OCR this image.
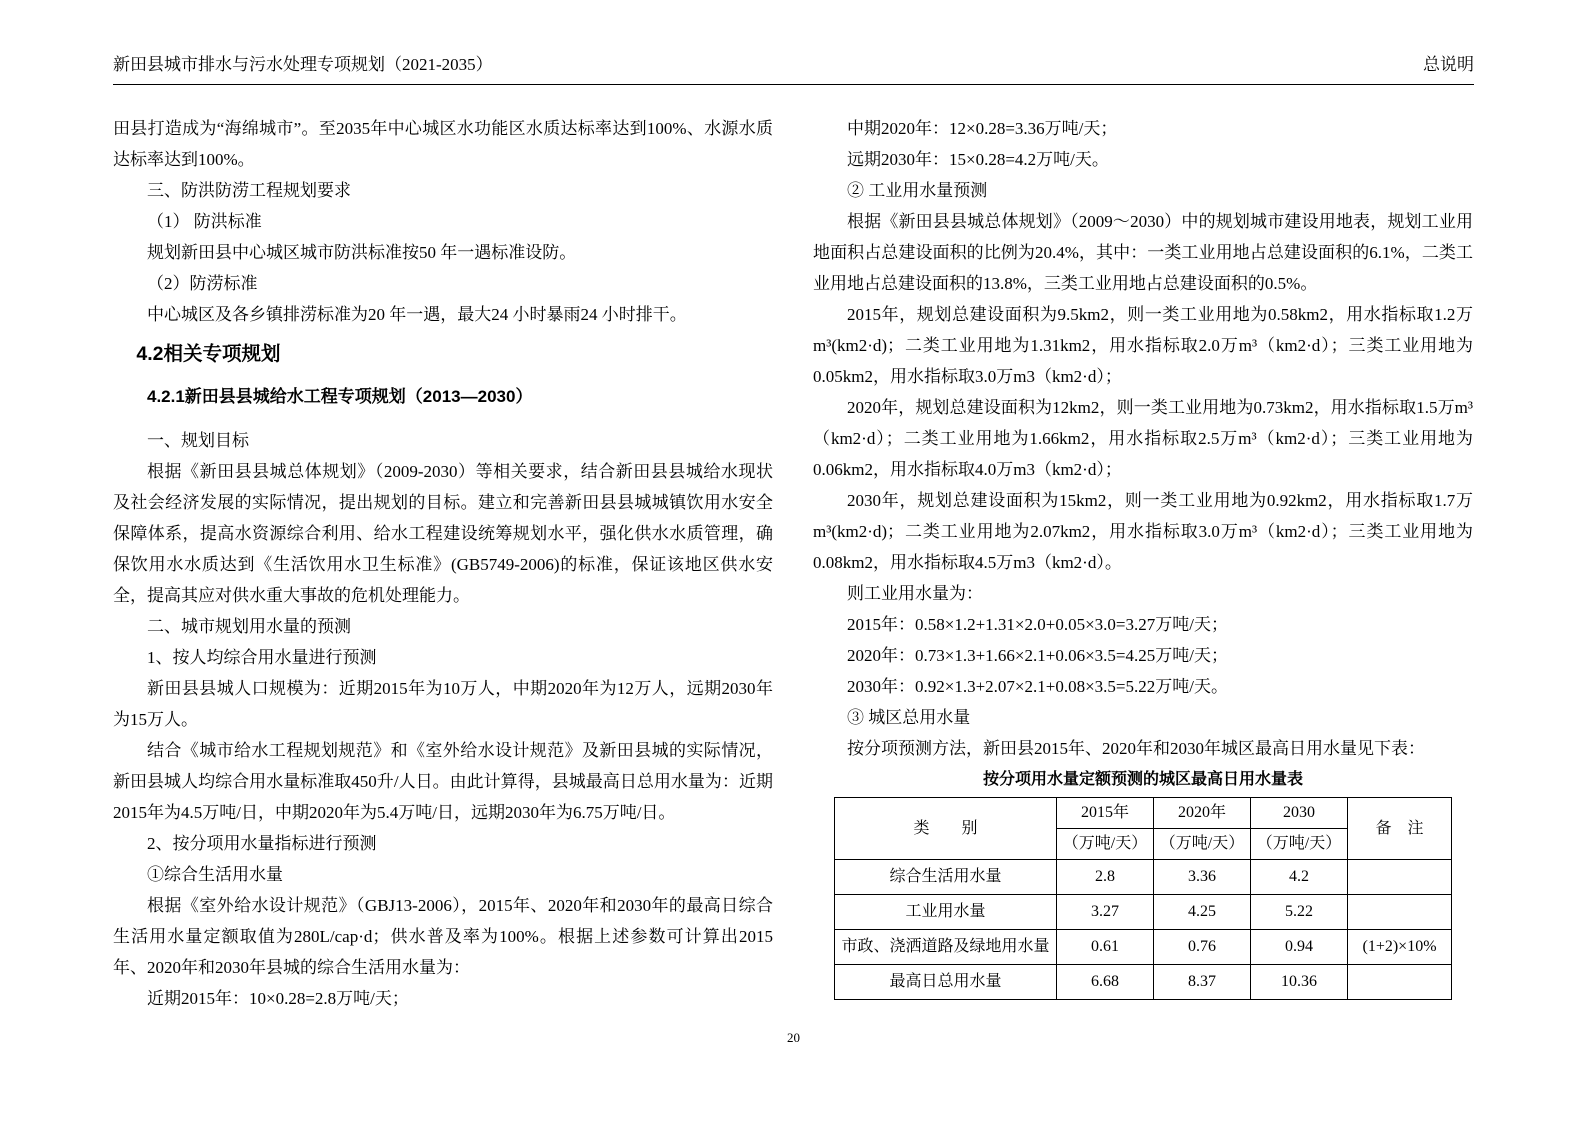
新田县城市排水与污水处理专项规划（2021-2035）	总说明

田县打造成为“海绵城市”。至2035年中心城区水功能区水质达标率达到100%、水源水质达标率达到100%。

三、防洪防涝工程规划要求

（1） 防洪标准

规划新田县中心城区城市防洪标准按50 年一遇标准设防。

（2）防涝标准

中心城区及各乡镇排涝标准为20 年一遇，最大24 小时暴雨24 小时排干。

4.2相关专项规划
4.2.1新田县县城给水工程专项规划（2013—2030）

一、规划目标

根据《新田县县城总体规划》（2009-2030）等相关要求，结合新田县县城给水现状及社会经济发展的实际情况，提出规划的目标。建立和完善新田县县城城镇饮用水安全保障体系，提高水资源综合利用、给水工程建设统筹规划水平，强化供水水质管理，确保饮用水水质达到《生活饮用水卫生标准》(GB5749-2006)的标准，保证该地区供水安全，提高其应对供水重大事故的危机处理能力。

二、城市规划用水量的预测

1、按人均综合用水量进行预测

新田县县城人口规模为：近期2015年为10万人，中期2020年为12万人，远期2030年为15万人。

结合《城市给水工程规划规范》和《室外给水设计规范》及新田县城的实际情况，新田县城人均综合用水量标准取450升/人日。由此计算得，县城最高日总用水量为：近期2015年为4.5万吨/日，中期2020年为5.4万吨/日，远期2030年为6.75万吨/日。

2、按分项用水量指标进行预测

①综合生活用水量

根据《室外给水设计规范》（GBJ13-2006），2015年、2020年和2030年的最高日综合生活用水量定额取值为280L/cap·d；供水普及率为100%。根据上述参数可计算出2015年、2020年和2030年县城的综合生活用水量为：

近期2015年：10×0.28=2.8万吨/天；

中期2020年：12×0.28=3.36万吨/天；

远期2030年：15×0.28=4.2万吨/天。

② 工业用水量预测

根据《新田县县城总体规划》（2009～2030）中的规划城市建设用地表，规划工业用地面积占总建设面积的比例为20.4%，其中：一类工业用地占总建设面积的6.1%，二类工业用地占总建设面积的13.8%，三类工业用地占总建设面积的0.5%。

2015年，规划总建设面积为9.5km2，则一类工业用地为0.58km2，用水指标取1.2万m³(km2·d)；二类工业用地为1.31km2，用水指标取2.0万m³（km2·d）；三类工业用地为0.05km2，用水指标取3.0万m3（km2·d）；

2020年，规划总建设面积为12km2，则一类工业用地为0.73km2，用水指标取1.5万m³（km2·d）；二类工业用地为1.66km2，用水指标取2.5万m³（km2·d）；三类工业用地为0.06km2，用水指标取4.0万m3（km2·d）；

2030年，规划总建设面积为15km2，则一类工业用地为0.92km2，用水指标取1.7万m³(km2·d)；二类工业用地为2.07km2，用水指标取3.0万m³（km2·d）；三类工业用地为0.08km2，用水指标取4.5万m3（km2·d）。

则工业用水量为：

2015年：0.58×1.2+1.31×2.0+0.05×3.0=3.27万吨/天；

2020年：0.73×1.3+1.66×2.1+0.06×3.5=4.25万吨/天；

2030年：0.92×1.3+2.07×2.1+0.08×3.5=5.22万吨/天。

③ 城区总用水量

按分项预测方法，新田县2015年、2020年和2030年城区最高日用水量见下表：

按分项用水量定额预测的城区最高日用水量表
类　　别	2015年	2020年	2030	备　注
	（万吨/天）	（万吨/天）	（万吨/天）	
综合生活用水量	2.8	3.36	4.2	
工业用水量	3.27	4.25	5.22	
市政、浇洒道路及绿地用水量	0.61	0.76	0.94	(1+2)×10%
最高日总用水量	6.68	8.37	10.36	
20
